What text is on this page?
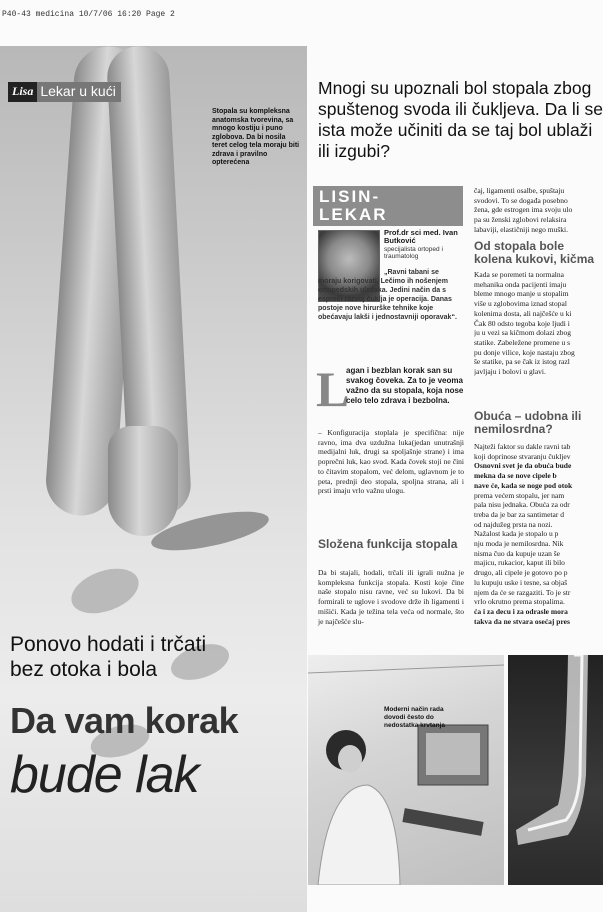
P40-43 medicina 10/7/06 16:20 Page 2
Lisa Lekar u kući
Stopala su kompleksna anatomska tvorevina, sa mnogo kostiju i puno zglobova. Da bi nosila teret celog tela moraju biti zdrava i pravilno opterećena
Ponovo hodati i trčati
bez otoka i bola
Da vam korak
bude lak
Mnogi su upoznali bol stopala zbog spuštenog svoda ili čukljeva. Da li se ista može učiniti da se taj bol ublaži ili izgubi?
LISIN-
LEKAR
Prof.dr sci med. Ivan Butković
specijalista ortoped i traumatolog
„Ravni tabani se moraju korigovati. Lečimo ih nošenjem ortopedskih uložaka. Jedini način da s espreči razvoj čuklja je operacija. Danas postoje nove hirurške tehnike koje obećavaju lakši i jednostavniji oporavak“.
L
agan i bezblan korak san su svakog čoveka. Za to je veoma važno da su stopala, koja nose celo telo zdrava i bezbolna.
– Konfiguracija stoplala je specifična: nije ravno, ima dva uzdužna luka(jedan unutrašnji medijalni luk, drugi sa spoljašnje strane) i ima poprečni luk, kao svod. Kada čovek stoji ne čini to čitavim stopalom, već delom, uglavnom je to peta, prednji deo stopala, spoljna strana, ali i prsti imaju vrlo važnu ulogu.
Složena funkcija stopala
Da bi stajali, hodali, trčali ili igrali nužna je kompleksna funkcija stopala. Kosti koje čine naše stopalo nisu ravne, već su lukovi. Da bi formirali te uglove i svodove drže ih ligamenti i mišići. Kada je težina tela veća od normale, što je najčešće slu-
čaj, ligamenti osalbe, spuštaju
svodovi. To se događa posebno
žena, gde estrogen ima svoju ulo
pa su ženski zglobovi relaksira
labaviji, elastičniji nego muški.
Od stopala bole kolena kukovi, kičma
Kada se poremeti ta normalna
mehanika onda pacijenti imaju
bleme mnogo manje u stopalim
više u zglobovima iznad stopal
kolenima dosta, ali najčešće u ki
Čak 80 odsto tegoba koje ljudi i
ju u vezi sa kičmom dolazi zbog
statike. Zabeležene promene u s
pu donje vilice, koje nastaju zbog
še statike, pa se čak iz istog razl
javljaju i bolovi u glavi.
Obuća – udobna ili nemilosrdna?
Najteži faktor su dakle ravni tab
koji doprinose stvaranju čukljev
Osnovni svet je da obuća bude
mekna da se nove cipele b
nave će, kada se noge pod otok
prema većem stopalu, jer nam
pala nisu jednaka. Obuća za odr
treba da je bar za santimetar d
od najdužeg prsta na nozi.
Nažalost kada je stopalo u p
nju moda je nemilosrdna. Nik
nisma čuo da kupuje uzan še
majicu, rukacior, kaput ili bilo
drugo, ali cipele je gotovo po p
lu kupuju uske i tesne, sa objaš
njem da će se razgaziti. To je str
vrlo okrutno prema stopalima.
ća i za decu i za odrasle mora
takva da ne stvara osećaj pres
Moderni način rada dovodi često do nedostatka krvtanja
